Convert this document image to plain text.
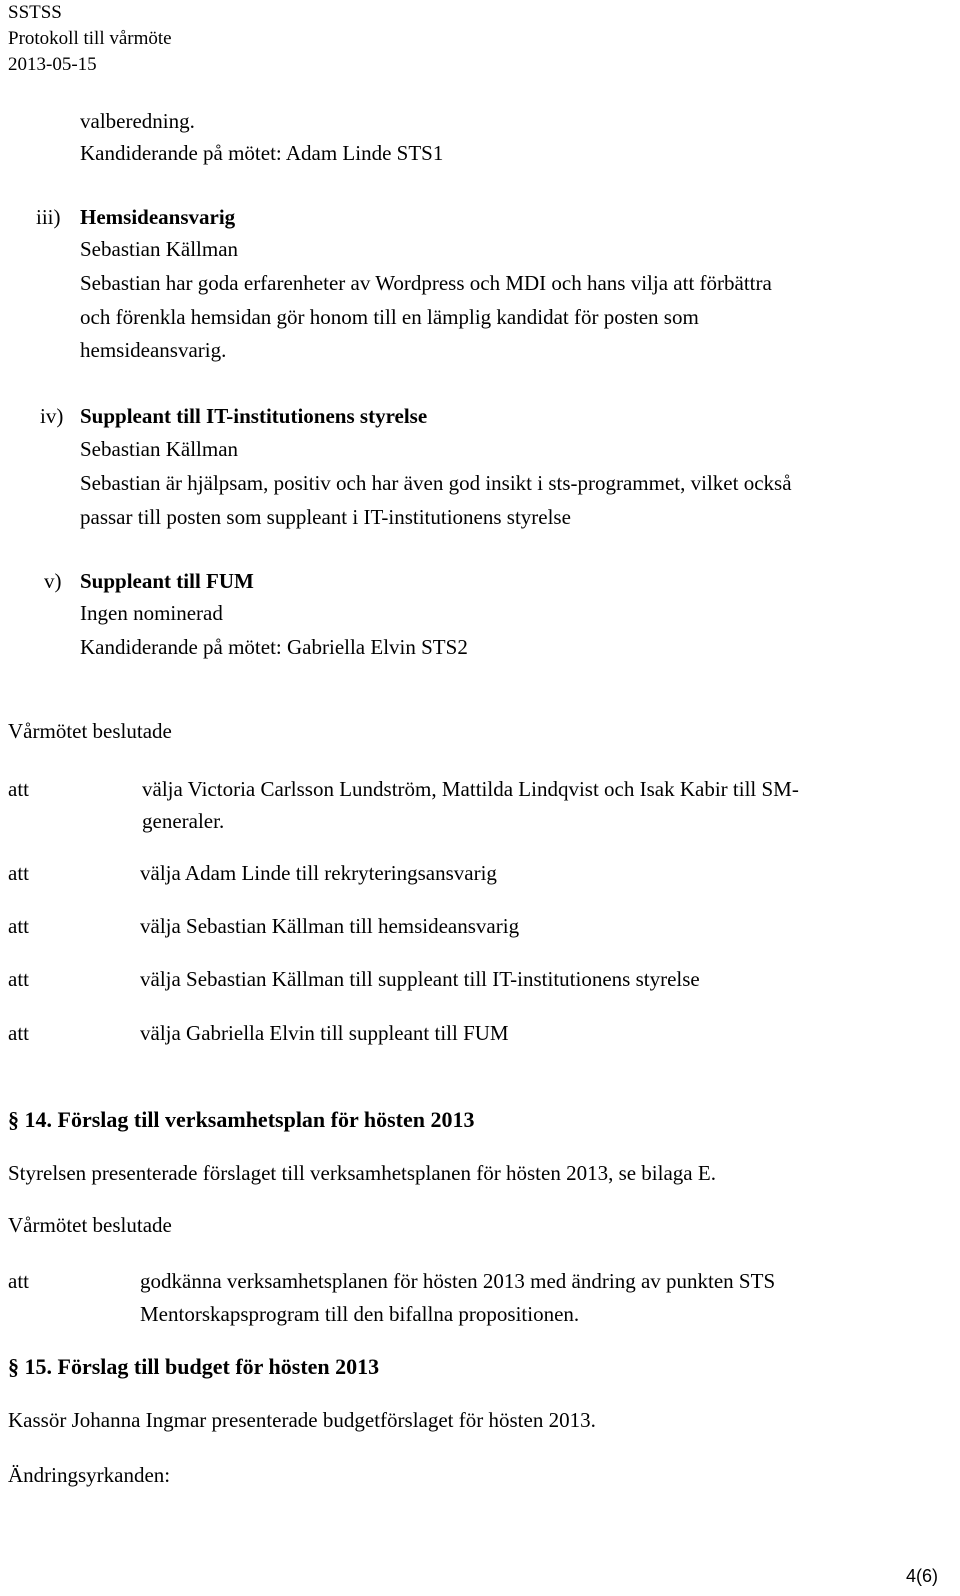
SSTSS
Protokoll till vårmöte
2013-05-15
valberedning.
Kandiderande på mötet: Adam Linde STS1
iii) Hemsideansvarig
Sebastian Källman
Sebastian har goda erfarenheter av Wordpress och MDI och hans vilja att förbättra
och förenkla hemsidan gör honom till en lämplig kandidat för posten som
hemsideansvarig.
iv) Suppleant till IT-institutionens styrelse
Sebastian Källman
Sebastian är hjälpsam, positiv och har även god insikt i sts-programmet, vilket också
passar till posten som suppleant i IT-institutionens styrelse
v) Suppleant till FUM
Ingen nominerad
Kandiderande på mötet: Gabriella Elvin STS2
Vårmötet beslutade
att	välja Victoria Carlsson Lundström, Mattilda Lindqvist och Isak Kabir till SM-
generaler.
att	välja Adam Linde till rekryteringsansvarig
att	välja Sebastian Källman till hemsideansvarig
att	välja Sebastian Källman till suppleant till IT-institutionens styrelse
att	välja Gabriella Elvin till suppleant till FUM
§ 14. Förslag till verksamhetsplan för hösten 2013
Styrelsen presenterade förslaget till verksamhetsplanen för hösten 2013, se bilaga E.
Vårmötet beslutade
att	godkänna verksamhetsplanen för hösten 2013 med ändring av punkten STS
Mentorskapsprogram till den bifallna propositionen.
§ 15. Förslag till budget för hösten 2013
Kassör Johanna Ingmar presenterade budgetförslaget för hösten 2013.
Ändringsyrkanden:
4(6)
